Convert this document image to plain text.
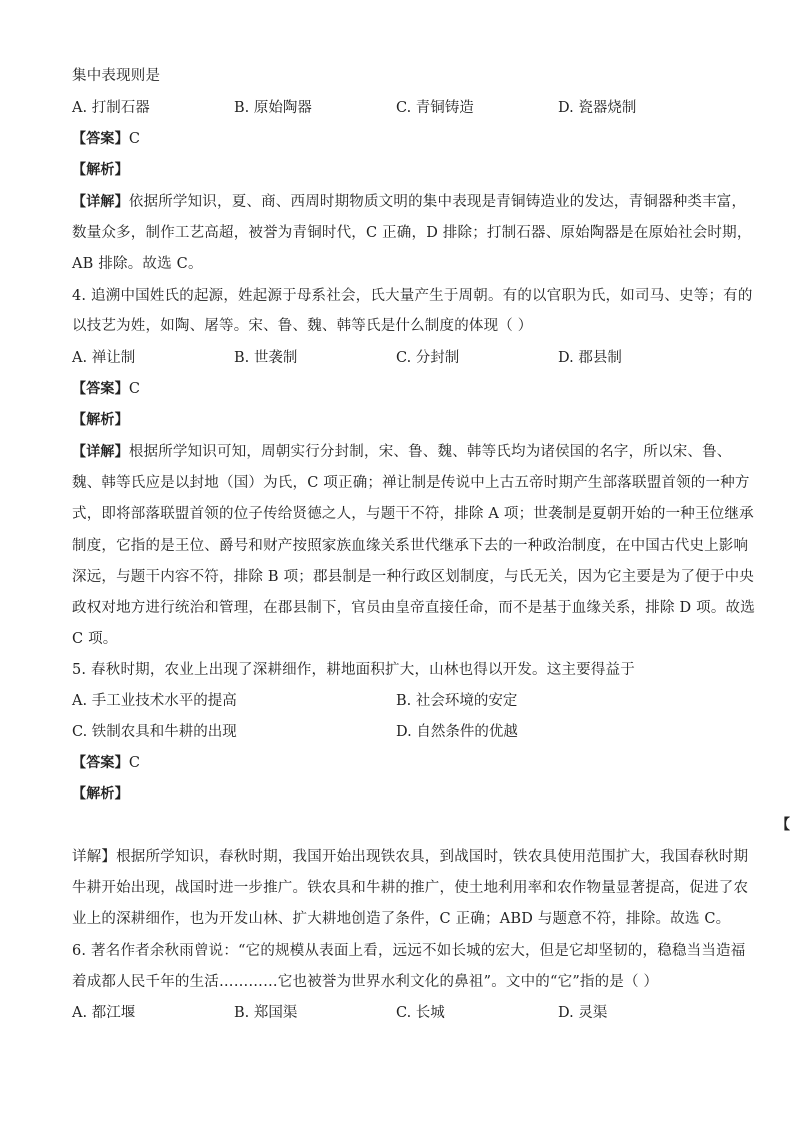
集中表现则是
A. 打制石器	B. 原始陶器	C. 青铜铸造	D. 瓷器烧制
【答案】C
【解析】
【详解】依据所学知识，夏、商、西周时期物质文明的集中表现是青铜铸造业的发达，青铜器种类丰富，
数量众多，制作工艺高超，被誉为青铜时代，C 正确，D 排除；打制石器、原始陶器是在原始社会时期，
AB 排除。故选 C。
4. 追溯中国姓氏的起源，姓起源于母系社会，氏大量产生于周朝。有的以官职为氏，如司马、史等；有的
以技艺为姓，如陶、屠等。宋、鲁、魏、韩等氏是什么制度的体现（ ）
A. 禅让制	B. 世袭制	C. 分封制	D. 郡县制
【答案】C
【解析】
【详解】根据所学知识可知，周朝实行分封制，宋、鲁、魏、韩等氏均为诸侯国的名字，所以宋、鲁、
魏、韩等氏应是以封地（国）为氏，C 项正确；禅让制是传说中上古五帝时期产生部落联盟首领的一种方
式，即将部落联盟首领的位子传给贤德之人，与题干不符，排除 A 项；世袭制是夏朝开始的一种王位继承
制度，它指的是王位、爵号和财产按照家族血缘关系世代继承下去的一种政治制度，在中国古代史上影响
深远，与题干内容不符，排除 B 项；郡县制是一种行政区划制度，与氏无关，因为它主要是为了便于中央
政权对地方进行统治和管理，在郡县制下，官员由皇帝直接任命，而不是基于血缘关系，排除 D 项。故选
C 项。
5. 春秋时期，农业上出现了深耕细作，耕地面积扩大，山林也得以开发。这主要得益于
A. 手工业技术水平的提高	B. 社会环境的安定
C. 铁制农具和牛耕的出现	D. 自然条件的优越
【答案】C
【解析】
【
详解】根据所学知识，春秋时期，我国开始出现铁农具，到战国时，铁农具使用范围扩大，我国春秋时期
牛耕开始出现，战国时进一步推广。铁农具和牛耕的推广，使土地利用率和农作物量显著提高，促进了农
业上的深耕细作，也为开发山林、扩大耕地创造了条件，C 正确；ABD 与题意不符，排除。故选 C。
6. 著名作者余秋雨曾说：“它的规模从表面上看，远远不如长城的宏大，但是它却坚韧的，稳稳当当造福
着成都人民千年的生活…………它也被誉为世界水利文化的鼻祖”。文中的“它”指的是（ ）
A. 都江堰	B. 郑国渠	C. 长城	D. 灵渠
